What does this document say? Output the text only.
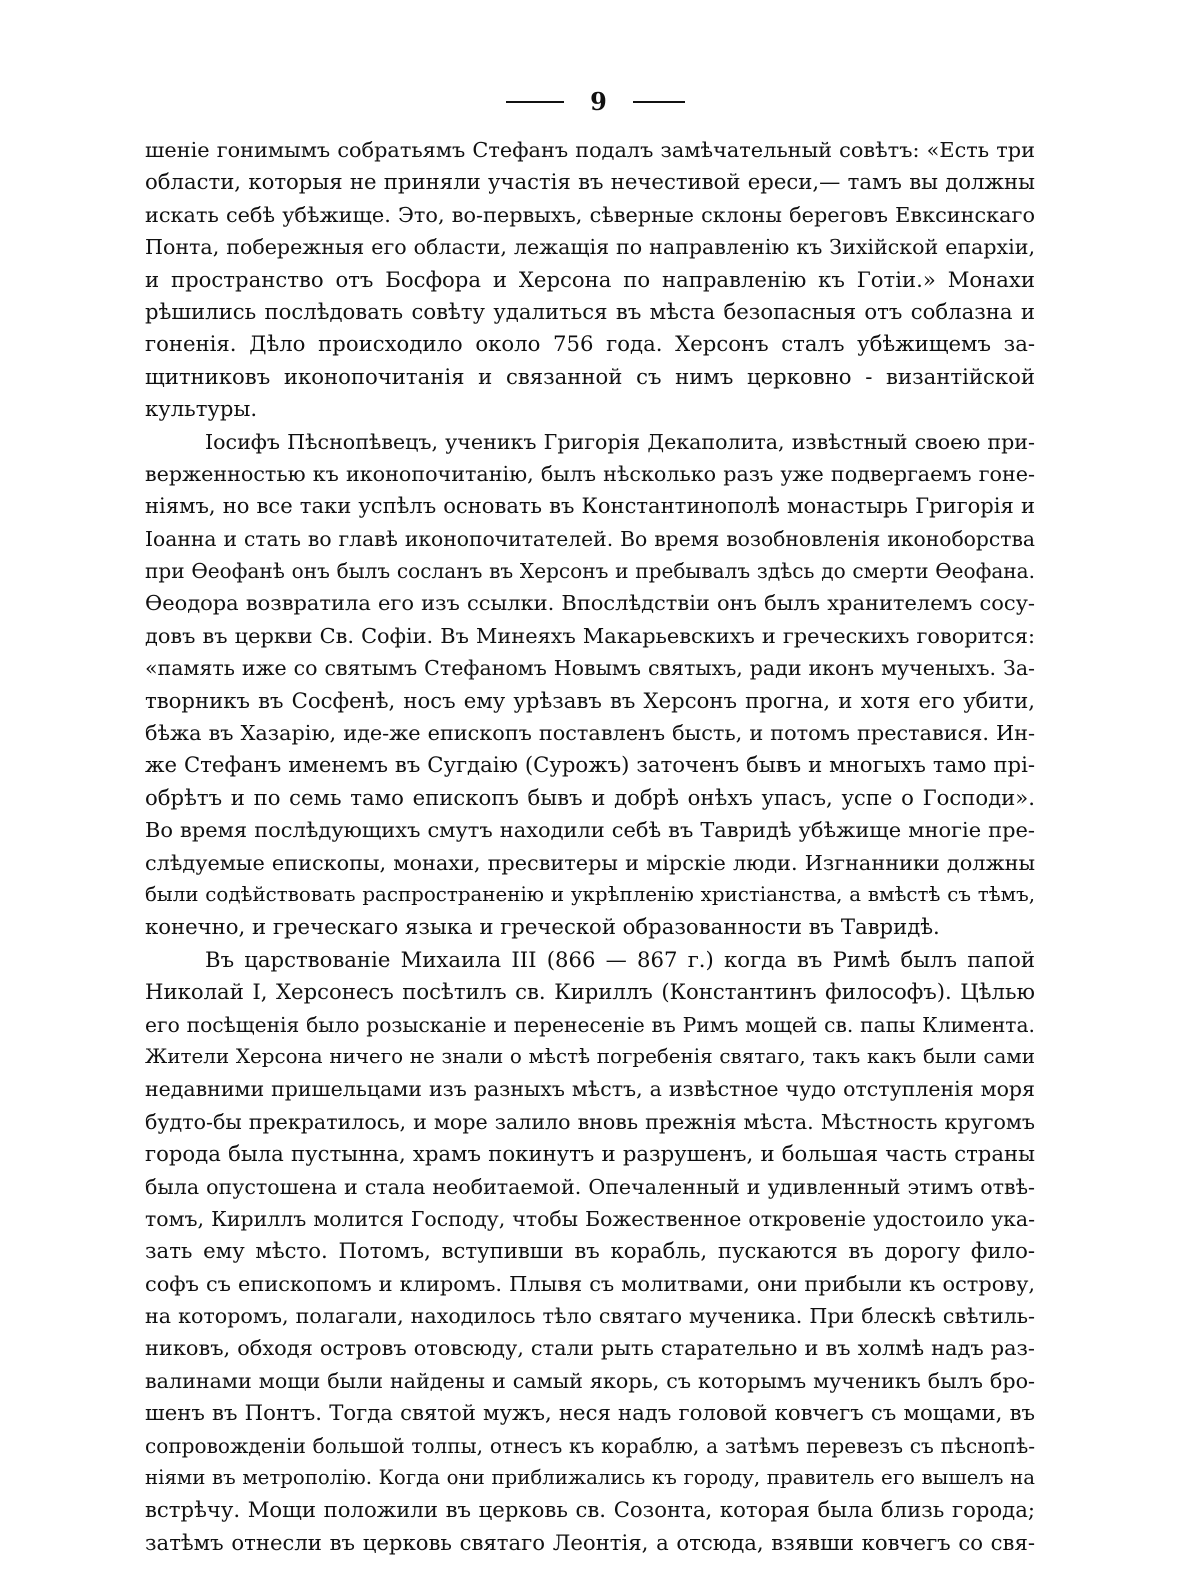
9
шеніе гонимымъ собратьямъ Стефанъ подалъ замѣчательный совѣтъ: «Есть три
области, которыя не приняли участія въ нечестивой ереси,— тамъ вы должны
искать себѣ убѣжище. Это, во-первыхъ, сѣверные склоны береговъ Евксинскаго
Понта, побережныя его области, лежащія по направленію къ Зихійской епархіи,
и пространство отъ Босфора и Херсона по направленію къ Готіи.» Монахи
рѣшились послѣдовать совѣту удалиться въ мѣста безопасныя отъ соблазна и
гоненія. Дѣло происходило около 756 года. Херсонъ сталъ убѣжищемъ за-
щитниковъ иконопочитанія и связанной съ нимъ церковно - византійской
культуры.
Іосифъ Пѣснопѣвецъ, ученикъ Григорія Декаполита, извѣстный своею при-
верженностью къ иконопочитанію, былъ нѣсколько разъ уже подвергаемъ гоне-
ніямъ, но все таки успѣлъ основать въ Константинополѣ монастырь Григорія и
Іоанна и стать во главѣ иконопочитателей. Во время возобновленія иконоборства
при Ѳеофанѣ онъ былъ сосланъ въ Херсонъ и пребывалъ здѣсь до смерти Ѳеофана.
Ѳеодора возвратила его изъ ссылки. Впослѣдствіи онъ былъ хранителемъ сосу-
довъ въ церкви Св. Софіи. Въ Минеяхъ Макарьевскихъ и греческихъ говорится:
«память иже со святымъ Стефаномъ Новымъ святыхъ, ради иконъ мученыхъ. За-
творникъ въ Сосфенѣ, носъ ему урѣзавъ въ Херсонъ прогна, и хотя его убити,
бѣжа въ Хазарію, иде-же епископъ поставленъ бысть, и потомъ преставися. Ин-
же Стефанъ именемъ въ Сугдаію (Сурожъ) заточенъ бывъ и многыхъ тамо прі-
обрѣтъ и по семь тамо епископъ бывъ и добрѣ онѣхъ упасъ, успе о Господи».
Во время послѣдующихъ смутъ находили себѣ въ Тавридѣ убѣжище многіе пре-
слѣдуемые епископы, монахи, пресвитеры и мірскіе люди. Изгнанники должны
были содѣйствовать распространенію и укрѣпленію христіанства, а вмѣстѣ съ тѣмъ,
конечно, и греческаго языка и греческой образованности въ Тавридѣ.
Въ царствованіе Михаила III (866 — 867 г.) когда въ Римѣ былъ папой
Николай I, Херсонесъ посѣтилъ св. Кириллъ (Константинъ философъ). Цѣлью
его посѣщенія было розысканіе и перенесеніе въ Римъ мощей св. папы Климента.
Жители Херсона ничего не знали о мѣстѣ погребенія святаго, такъ какъ были сами
недавними пришельцами изъ разныхъ мѣстъ, а извѣстное чудо отступленія моря
будто-бы прекратилось, и море залило вновь прежнія мѣста. Мѣстность кругомъ
города была пустынна, храмъ покинутъ и разрушенъ, и большая часть страны
была опустошена и стала необитаемой. Опечаленный и удивленный этимъ отвѣ-
томъ, Кириллъ молится Господу, чтобы Божественное откровеніе удостоило ука-
зать ему мѣсто. Потомъ, вступивши въ корабль, пускаются въ дорогу фило-
софъ съ епископомъ и клиромъ. Плывя съ молитвами, они прибыли къ острову,
на которомъ, полагали, находилось тѣло святаго мученика. При блескѣ свѣтиль-
никовъ, обходя островъ отовсюду, стали рыть старательно и въ холмѣ надъ раз-
валинами мощи были найдены и самый якорь, съ которымъ мученикъ былъ бро-
шенъ въ Понтъ. Тогда святой мужъ, неся надъ головой ковчегъ съ мощами, въ
сопровожденіи большой толпы, отнесъ къ кораблю, а затѣмъ перевезъ съ пѣснопѣ-
ніями въ метрополію. Когда они приближались къ городу, правитель его вышелъ на
встрѣчу. Мощи положили въ церковь св. Созонта, которая была близь города;
затѣмъ отнесли въ церковь святаго Леонтія, а отсюда, взявши ковчегъ со свя-
